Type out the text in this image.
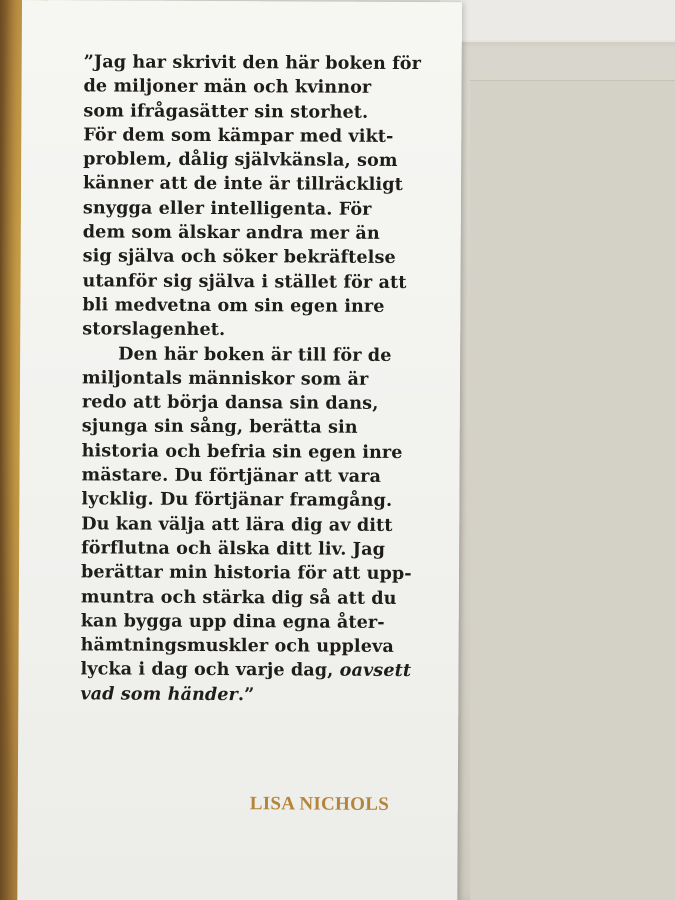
”Jag har skrivit den här boken för
de miljoner män och kvinnor
som ifrågasätter sin storhet.
För dem som kämpar med vikt-
problem, dålig självkänsla, som
känner att de inte är tillräckligt
snygga eller intelligenta. För
dem som älskar andra mer än
sig själva och söker bekräftelse
utanför sig själva i stället för att
bli medvetna om sin egen inre
storslagenhet.
Den här boken är till för de
miljontals människor som är
redo att börja dansa sin dans,
sjunga sin sång, berätta sin
historia och befria sin egen inre
mästare. Du förtjänar att vara
lycklig. Du förtjänar framgång.
Du kan välja att lära dig av ditt
förflutna och älska ditt liv. Jag
berättar min historia för att upp-
muntra och stärka dig så att du
kan bygga upp dina egna åter-
hämtningsmuskler och uppleva
lycka i dag och varje dag, oavsett
vad som händer.”
LISA NICHOLS
